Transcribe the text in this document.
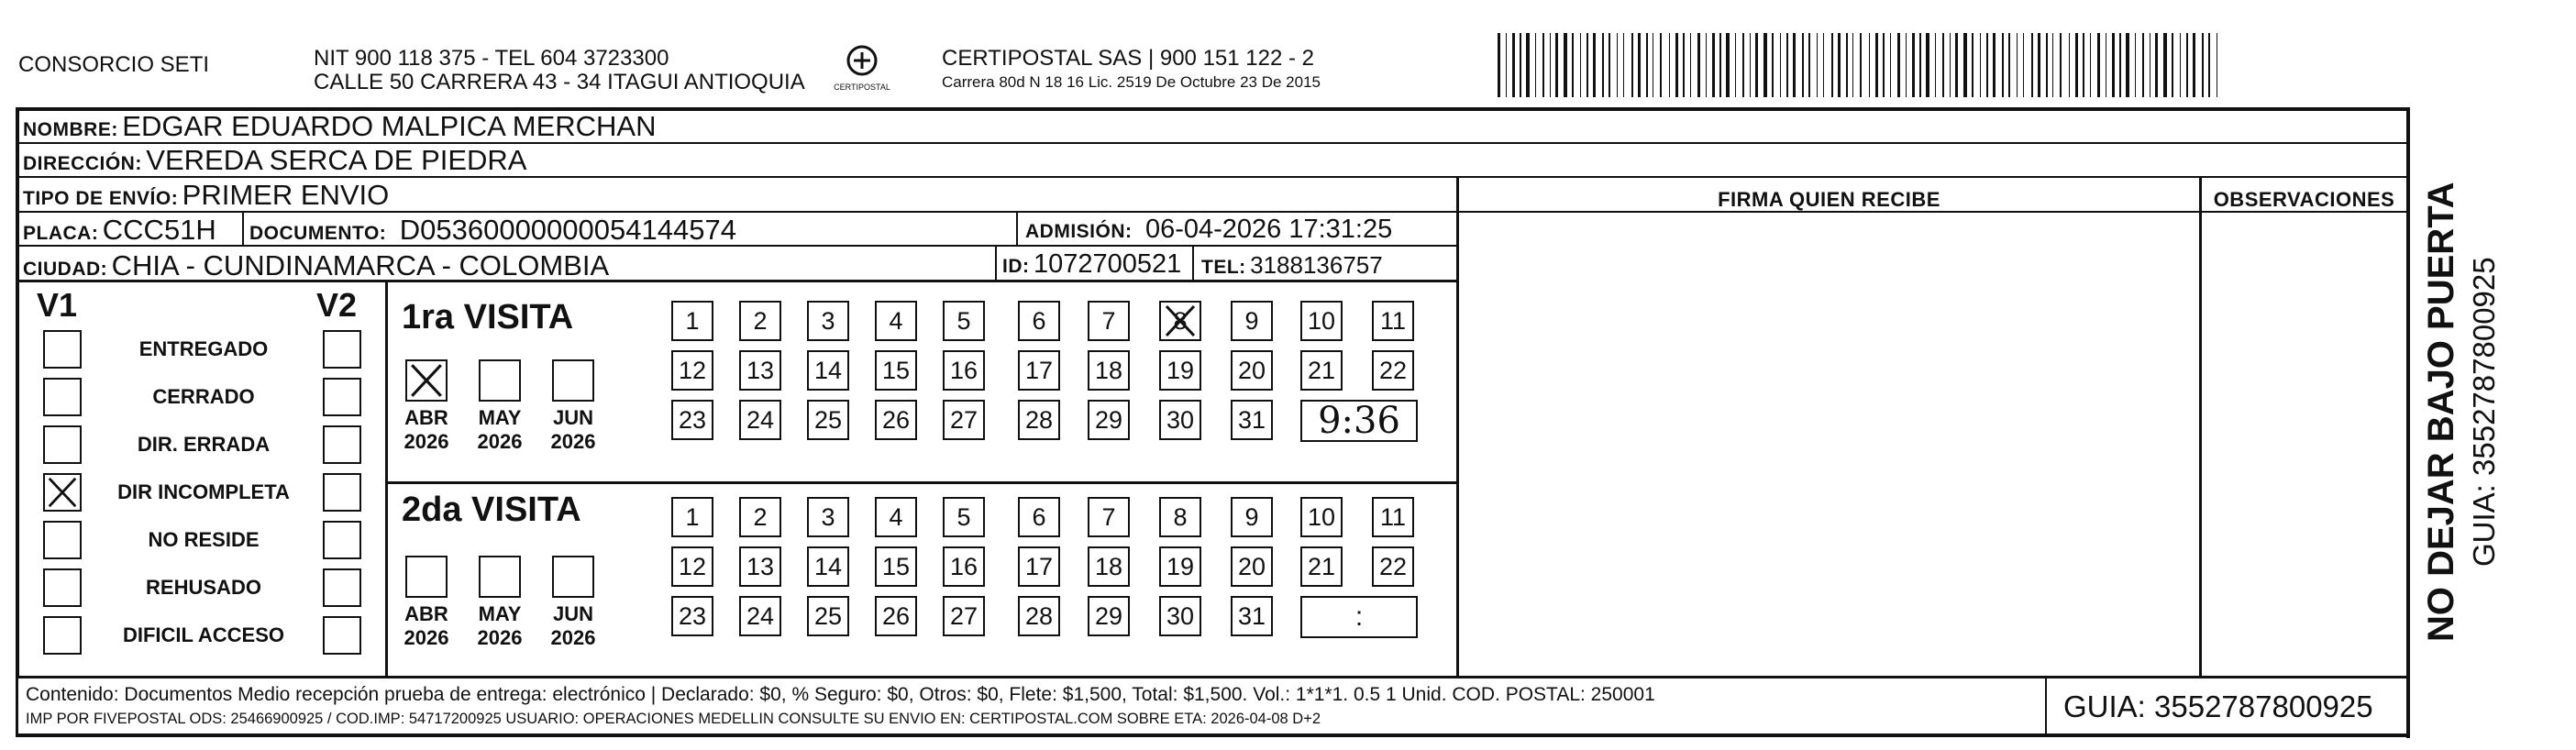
CONSORCIO SETI	NIT 900 118 375 - TEL 604 3723300
CALLE 50 CARRERA 43 - 34 ITAGUI ANTIOQUIA	CERTIPOSTAL
CERTIPOSTAL SAS | 900 151 122 - 2
Carrera 80d N 18 16 Lic. 2519 De Octubre 23 De 2015
NOMBRE: EDGAR EDUARDO MALPICA MERCHAN
DIRECCIÓN: VEREDA SERCA DE PIEDRA
TIPO DE ENVÍO: PRIMER ENVIO
PLACA: CCC51H DOCUMENTO: D05360000000054144574	ADMISIÓN: 06-04-2026 17:31:25
CIUDAD: CHIA - CUNDINAMARCA - COLOMBIA	ID: 1072700521 TEL: 3188136757
FIRMA QUIEN RECIBE	OBSERVACIONES
V1	V2
ENTREGADO
CERRADO
DIR. ERRADA
DIR INCOMPLETA
NO RESIDE
REHUSADO
DIFICIL ACCESO
1ra VISITA
ABR
2026
MAY
2026
JUN
2026
1 2 3 4 5 6 7 8 9 10 11
12 13 14 15 16 17 18 19 20 21 22
23 24 25 26 27 28 29 30 31 9:36
2da VISITA
ABR
2026
MAY
2026
JUN
2026
1 2 3 4 5 6 7 8 9 10 11
12 13 14 15 16 17 18 19 20 21 22
23 24 25 26 27 28 29 30 31	:	NO DEJAR BAJO PUERTA GUIA: 3552787800925
Contenido: Documentos Medio recepción prueba de entrega: electrónico | Declarado: $0, % Seguro: $0, Otros: $0, Flete: $1,500, Total: $1,500. Vol.: 1*1*1. 0.5 1 Unid. COD. POSTAL: 250001
IMP POR FIVEPOSTAL ODS: 25466900925 / COD.IMP: 54717200925 USUARIO: OPERACIONES MEDELLIN CONSULTE SU ENVIO EN: CERTIPOSTAL.COM SOBRE ETA: 2026-04-08 D+2	GUIA: 3552787800925
